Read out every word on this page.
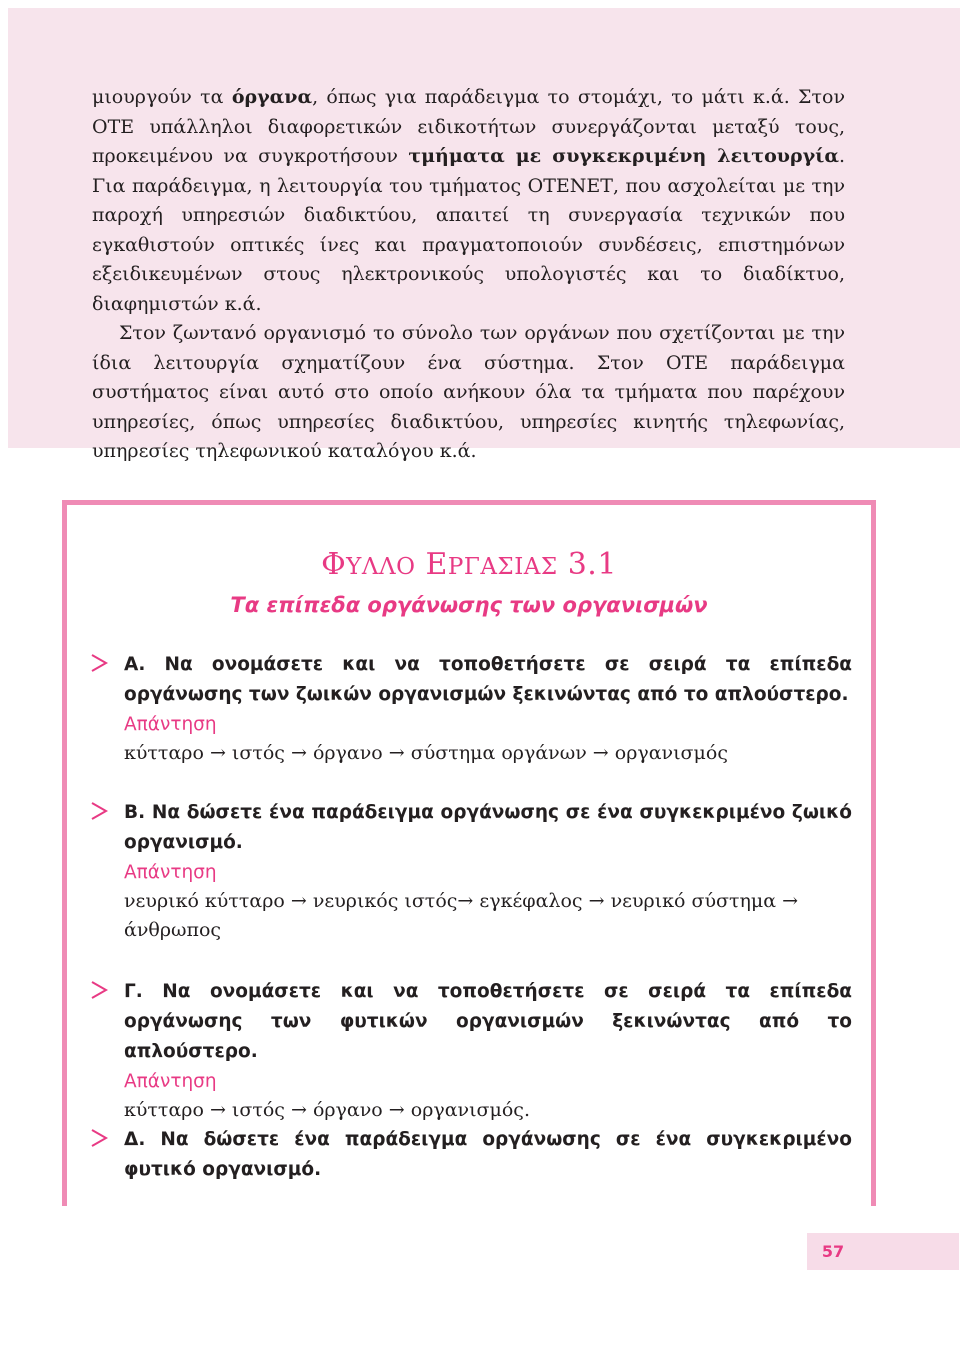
μιουργούν τα όργανα, όπως για παράδειγμα το στομάχι, το μάτι κ.ά. Στον ΟΤΕ υπάλληλοι διαφορετικών ειδικοτήτων συνεργάζονται μεταξύ τους, προκειμένου να συγκροτήσουν τμήματα με συγκεκριμένη λειτουργία. Για παράδειγμα, η λειτουργία του τμήματος ΟΤΕΝΕΤ, που ασχολείται με την παροχή υπηρεσιών διαδικτύου, απαιτεί τη συνεργασία τεχνικών που εγκαθιστούν οπτικές ίνες και πραγματοποιούν συνδέσεις, επιστημόνων εξειδικευμένων στους ηλεκτρονικούς υπολογιστές και το διαδίκτυο, διαφημιστών κ.ά.

Στον ζωντανό οργανισμό το σύνολο των οργάνων που σχετίζονται με την ίδια λειτουργία σχηματίζουν ένα σύστημα. Στον ΟΤΕ παράδειγμα συστήματος είναι αυτό στο οποίο ανήκουν όλα τα τμήματα που παρέχουν υπηρεσίες, όπως υπηρεσίες διαδικτύου, υπηρεσίες κινητής τηλεφωνίας, υπηρεσίες τηλεφωνικού καταλόγου κ.ά.

ΦΥΛΛΟ ΕΡΓΑΣΙΑΣ 3.1
Τα επίπεδα οργάνωσης των οργανισμών
Α. Να ονομάσετε και να τοποθετήσετε σε σειρά τα επίπεδα οργάνωσης των ζωικών οργανισμών ξεκινώντας από το απλούστερο.
Απάντηση
κύτταρο → ιστός → όργανο → σύστημα οργάνων → οργανισμός
Β. Να δώσετε ένα παράδειγμα οργάνωσης σε ένα συγκεκριμένο ζωικό οργανισμό.
Απάντηση
νευρικό κύτταρο → νευρικός ιστός→ εγκέφαλος → νευρικό σύστημα → άνθρωπος
Γ. Να ονομάσετε και να τοποθετήσετε σε σειρά τα επίπεδα οργάνωσης των φυτικών οργανισμών ξεκινώντας από το απλούστερο.
Απάντηση
κύτταρο → ιστός → όργανο → οργανισμός.
Δ. Να δώσετε ένα παράδειγμα οργάνωσης σε ένα συγκεκριμένο φυτικό οργανισμό.
57
